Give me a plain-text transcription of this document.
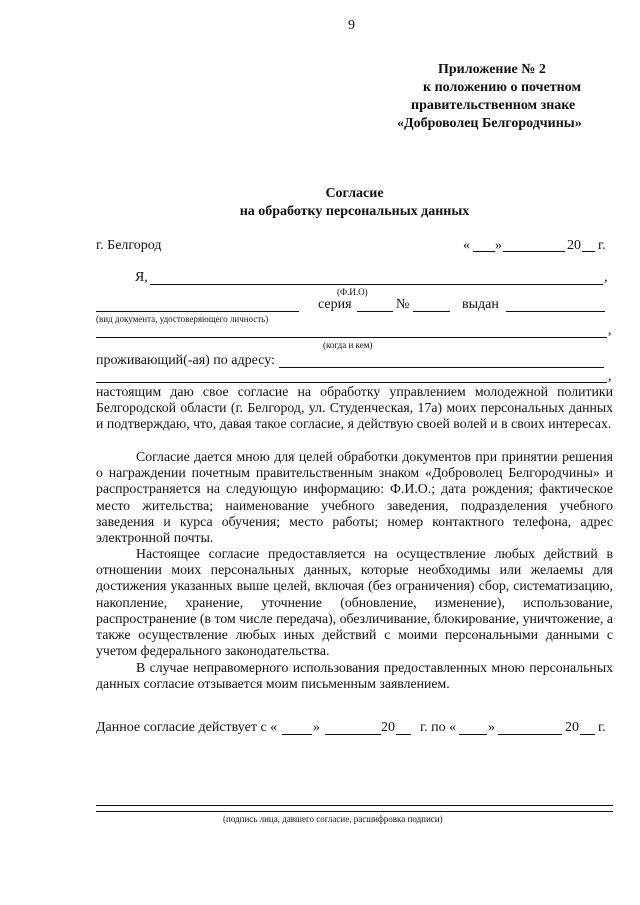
9
Приложение № 2
к положению о почетном
правительственном знаке
«Доброволец Белгородчины»
Согласие
на обработку персональных данных
г. Белгород	« »	20 г.
Я,	,
(Ф.И.О)
серия	№	выдан
(вид документа, удостоверяющего личность)
,
(когда и кем)
проживающий(-ая) по адресу:
,
настоящим даю свое согласие на обработку управлением молодежной политики Белгородской области (г. Белгород, ул. Студенческая, 17а) моих персональных данных и подтверждаю, что, давая такое согласие, я действую своей волей и в своих интересах.
Согласие дается мною для целей обработки документов при принятии решения о награждении почетным правительственным знаком «Доброволец Белгородчины» и распространяется на следующую информацию: Ф.И.О.; дата рождения; фактическое место жительства; наименование учебного заведения, подразделения учебного заведения и курса обучения; место работы; номер контактного телефона, адрес электронной почты.
Настоящее согласие предоставляется на осуществление любых действий в отношении моих персональных данных, которые необходимы или желаемы для достижения указанных выше целей, включая (без ограничения) сбор, систематизацию, накопление, хранение, уточнение (обновление, изменение), использование, распространение (в том числе передача), обезличивание, блокирование, уничтожение, а также осуществление любых иных действий с моими персональными данными с учетом федерального законодательства.
В случае неправомерного использования предоставленных мною персональных данных согласие отзывается моим письменным заявлением.
Данное согласие действует с «	»	20 г. по « »	20 г.
(подпись лица, давшего согласие, расшифровка подписи)
